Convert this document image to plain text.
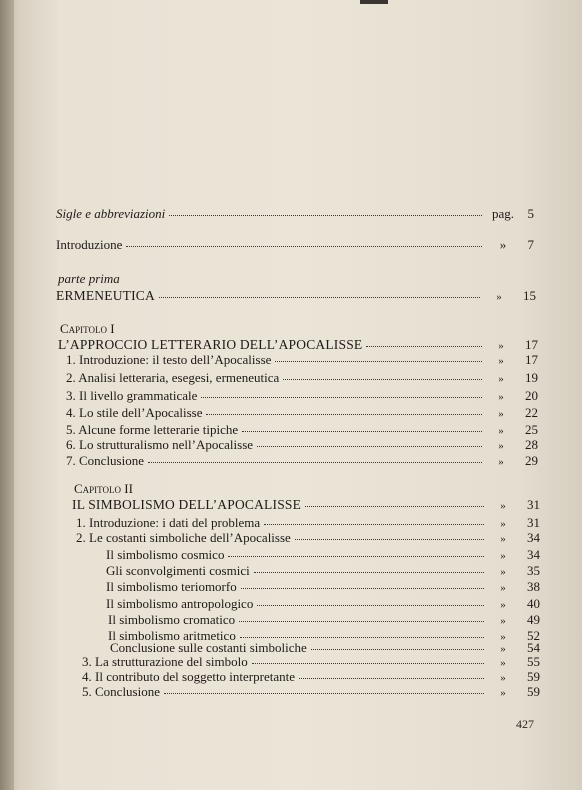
Sigle e abbreviazioni	pag.	5
Introduzione	»	7
parte prima
ERMENEUTICA	»	15
Capitolo I
L’APPROCCIO LETTERARIO DELL’APOCALISSE	»	17
1. Introduzione: il testo dell’Apocalisse	»	17
2. Analisi letteraria, esegesi, ermeneutica	»	19
3. Il livello grammaticale	»	20
4. Lo stile dell’Apocalisse	»	22
5. Alcune forme letterarie tipiche	»	25
6. Lo strutturalismo nell’Apocalisse	»	28
7. Conclusione	»	29
Capitolo II
IL SIMBOLISMO DELL’APOCALISSE	»	31
1. Introduzione: i dati del problema	»	31
2. Le costanti simboliche dell’Apocalisse	»	34
Il simbolismo cosmico	»	34
Gli sconvolgimenti cosmici	»	35
Il simbolismo teriomorfo	»	38
Il simbolismo antropologico	»	40
Il simbolismo cromatico	»	49
Il simbolismo aritmetico	»	52
Conclusione sulle costanti simboliche	»	54
3. La strutturazione del simbolo	»	55
4. Il contributo del soggetto interpretante	»	59
5. Conclusione	»	59
427
